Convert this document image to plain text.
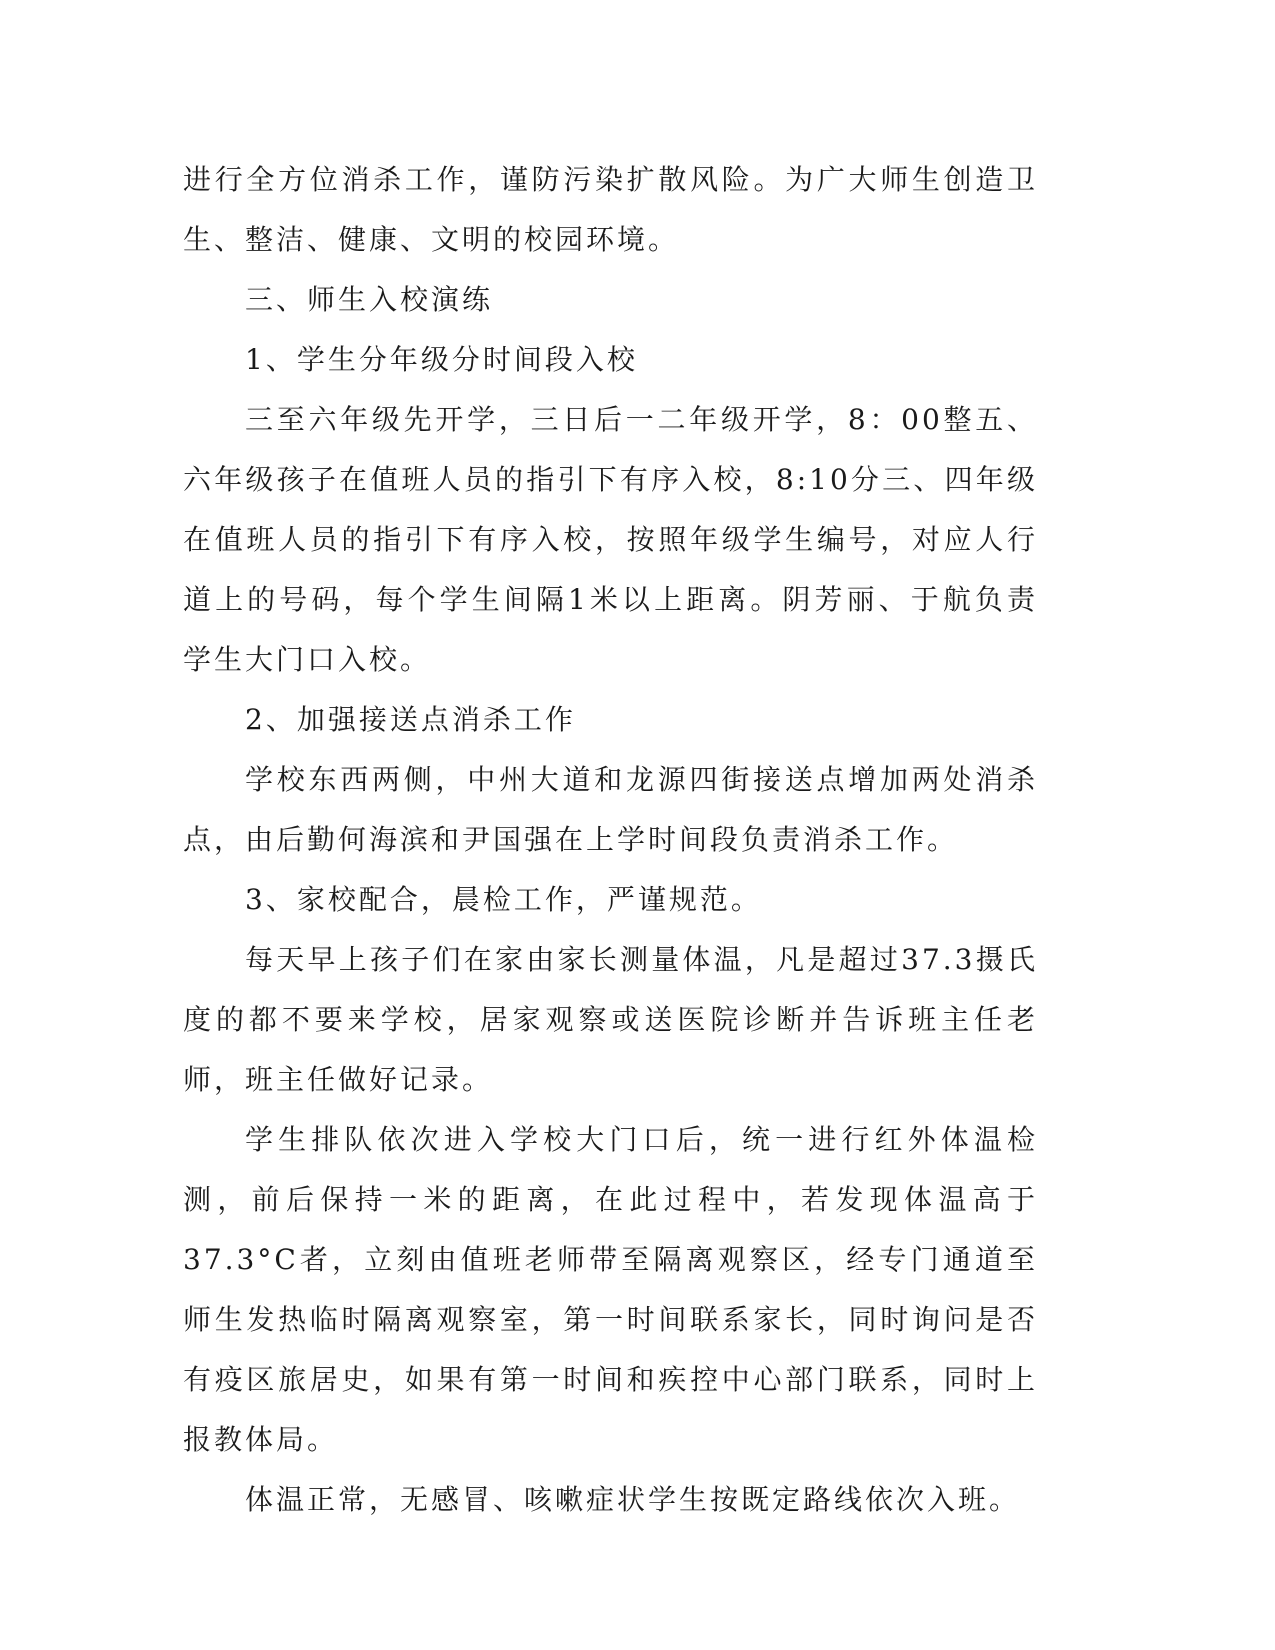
进行全方位消杀工作，谨防污染扩散风险。为广大师生创造卫生、整洁、健康、文明的校园环境。

三、师生入校演练

1、学生分年级分时间段入校

三至六年级先开学，三日后一二年级开学，8：00整五、六年级孩子在值班人员的指引下有序入校，8:10分三、四年级在值班人员的指引下有序入校，按照年级学生编号，对应人行道上的号码，每个学生间隔1米以上距离。阴芳丽、于航负责学生大门口入校。

2、加强接送点消杀工作

学校东西两侧，中州大道和龙源四街接送点增加两处消杀点，由后勤何海滨和尹国强在上学时间段负责消杀工作。

3、家校配合，晨检工作，严谨规范。

每天早上孩子们在家由家长测量体温，凡是超过37.3摄氏度的都不要来学校，居家观察或送医院诊断并告诉班主任老师，班主任做好记录。

学生排队依次进入学校大门口后，统一进行红外体温检测，前后保持一米的距离，在此过程中，若发现体温高于37.3°C者，立刻由值班老师带至隔离观察区，经专门通道至师生发热临时隔离观察室，第一时间联系家长，同时询问是否有疫区旅居史，如果有第一时间和疾控中心部门联系，同时上报教体局。

体温正常，无感冒、咳嗽症状学生按既定路线依次入班。
